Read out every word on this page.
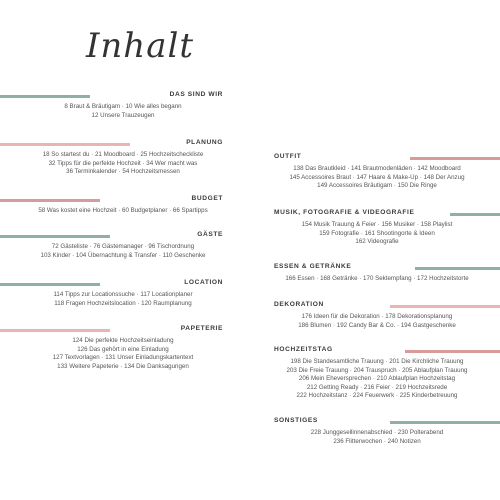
Inhalt
DAS SIND WIR
8 Braut & Bräutigam · 10 Wie alles begann
12 Unsere Trauzeugen
PLANUNG
18 So startest du · 21 Moodboard · 25 Hochzeitscheckliste
32 Tipps für die perfekte Hochzeit · 34 Wer macht was
36 Terminkalender · 54 Hochzeitsmessen
BUDGET
58 Was kostet eine Hochzeit · 60 Budgetplaner · 66 Spartipps
GÄSTE
72 Gästeliste · 76 Gästemanager · 96 Tischordnung
103 Kinder · 104 Übernachtung & Transfer · 110 Geschenke
LOCATION
114 Tipps zur Locationssuche · 117 Locationplaner
118 Fragen Hochzeitslocation · 120 Raumplanung
PAPETERIE
124 Die perfekte Hochzeitseinladung
126 Das gehört in eine Einladung
127 Textvorlagen · 131 Unser Einladungskartentext
133 Weitere Papeterie · 134 Die Danksagungen
OUTFIT
138 Das Brautkleid · 141 Brautmodenläden · 142 Moodboard
145 Accessoires Braut · 147 Haare & Make-Up · 148 Der Anzug
149 Accessoires Bräutigam · 150 Die Ringe
MUSIK, FOTOGRAFIE & VIDEOGRAFIE
154 Musik Trauung & Feier · 156 Musiker · 158 Playlist
159 Fotografie · 161 Shootingorte & Ideen
162 Videografie
ESSEN & GETRÄNKE
166 Essen · 168 Getränke · 170 Sektempfang · 172 Hochzeitstorte
DEKORATION
176 Ideen für die Dekoration · 178 Dekorationsplanung
186 Blumen · 192 Candy Bar & Co. · 194 Gastgeschenke
HOCHZEITSTAG
198 Die Standesamtliche Trauung · 201 Die Kirchliche Trauung
203 Die Freie Trauung · 204 Trauspruch · 205 Ablaufplan Trauung
206 Mein Eheversprechen · 210 Ablaufplan Hochzeitstag
212 Getting Ready · 216 Feier · 219 Hochzeitsrede
222 Hochzeitstanz · 224 Feuerwerk · 225 Kinderbetreuung
SONSTIGES
228 Junggesellinnenabschied · 230 Polterabend
236 Flitterwochen · 240 Notizen
